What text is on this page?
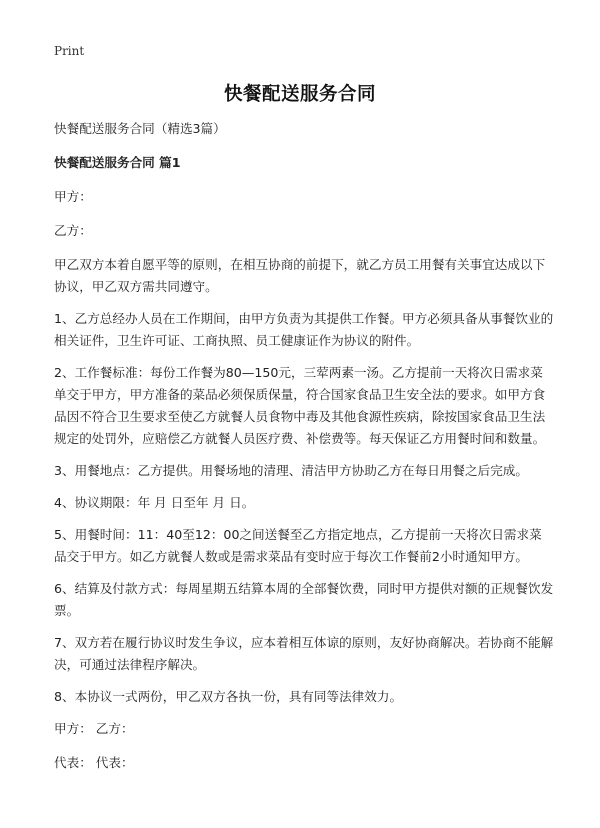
Print
快餐配送服务合同

快餐配送服务合同（精选3篇）

快餐配送服务合同 篇1

甲方：

乙方：

甲乙双方本着自愿平等的原则，在相互协商的前提下，就乙方员工用餐有关事宜达成以下协议，甲乙双方需共同遵守。

1、乙方总经办人员在工作期间，由甲方负责为其提供工作餐。甲方必须具备从事餐饮业的相关证件，卫生许可证、工商执照、员工健康证作为协议的附件。

2、工作餐标准：每份工作餐为80—150元，三荤两素一汤。乙方提前一天将次日需求菜单交于甲方，甲方准备的菜品必须保质保量，符合国家食品卫生安全法的要求。如甲方食品因不符合卫生要求至使乙方就餐人员食物中毒及其他食源性疾病，除按国家食品卫生法规定的处罚外，应赔偿乙方就餐人员医疗费、补偿费等。每天保证乙方用餐时间和数量。

3、用餐地点：乙方提供。用餐场地的清理、清洁甲方协助乙方在每日用餐之后完成。

4、协议期限：年 月 日至年 月 日。

5、用餐时间：11：40至12：00之间送餐至乙方指定地点，乙方提前一天将次日需求菜品交于甲方。如乙方就餐人数或是需求菜品有变时应于每次工作餐前2小时通知甲方。

6、结算及付款方式：每周星期五结算本周的全部餐饮费，同时甲方提供对额的正规餐饮发票。

7、双方若在履行协议时发生争议，应本着相互体谅的原则，友好协商解决。若协商不能解决，可通过法律程序解决。

8、本协议一式两份，甲乙双方各执一份，具有同等法律效力。

甲方： 乙方：

代表： 代表：
